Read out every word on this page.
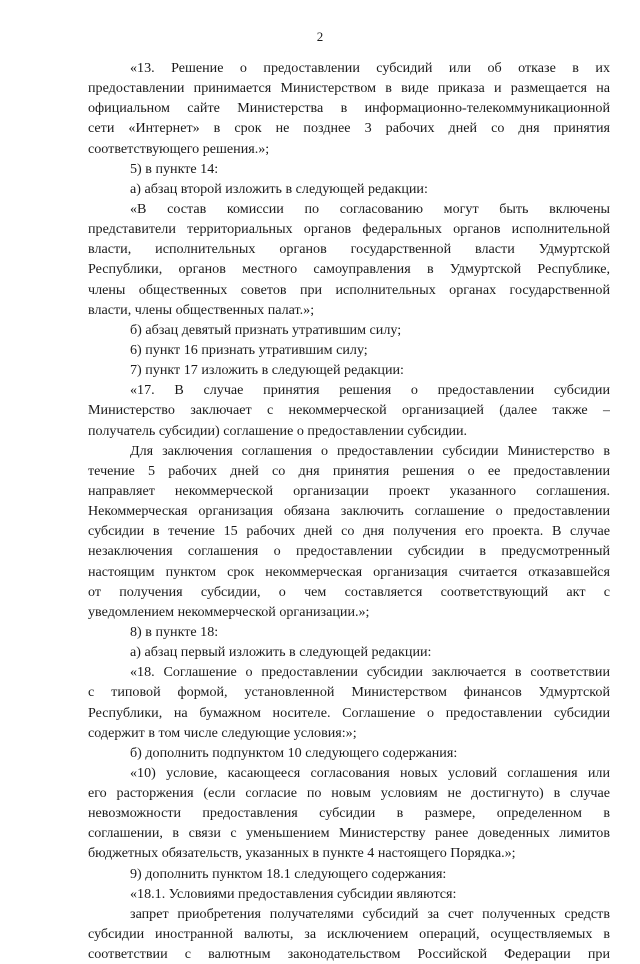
2
«13. Решение о предоставлении субсидий или об отказе в их
предоставлении принимается Министерством в виде приказа и размещается на
официальном сайте Министерства в информационно-телекоммуникационной
сети «Интернет» в срок не позднее 3 рабочих дней со дня принятия
соответствующего решения.»;
5) в пункте 14:
а) абзац второй изложить в следующей редакции:
«В состав комиссии по согласованию могут быть включены
представители территориальных органов федеральных органов исполнительной
власти, исполнительных органов государственной власти Удмуртской
Республики, органов местного самоуправления в Удмуртской Республике,
члены общественных советов при исполнительных органах государственной
власти, члены общественных палат.»;
б) абзац девятый признать утратившим силу;
6) пункт 16 признать утратившим силу;
7) пункт 17 изложить в следующей редакции:
«17. В случае принятия решения о предоставлении субсидии
Министерство заключает с некоммерческой организацией (далее также –
получатель субсидии) соглашение о предоставлении субсидии.
Для заключения соглашения о предоставлении субсидии Министерство в
течение 5 рабочих дней со дня принятия решения о ее предоставлении
направляет некоммерческой организации проект указанного соглашения.
Некоммерческая организация обязана заключить соглашение о предоставлении
субсидии в течение 15 рабочих дней со дня получения его проекта. В случае
незаключения соглашения о предоставлении субсидии в предусмотренный
настоящим пунктом срок некоммерческая организация считается отказавшейся
от получения субсидии, о чем составляется соответствующий акт с
уведомлением некоммерческой организации.»;
8) в пункте 18:
а) абзац первый изложить в следующей редакции:
«18. Соглашение о предоставлении субсидии заключается в соответствии
с типовой формой, установленной Министерством финансов Удмуртской
Республики, на бумажном носителе. Соглашение о предоставлении субсидии
содержит в том числе следующие условия:»;
б) дополнить подпунктом 10 следующего содержания:
«10) условие, касающееся согласования новых условий соглашения или
его расторжения (если согласие по новым условиям не достигнуто) в случае
невозможности предоставления субсидии в размере, определенном в
соглашении, в связи с уменьшением Министерству ранее доведенных лимитов
бюджетных обязательств, указанных в пункте 4 настоящего Порядка.»;
9) дополнить пунктом 18.1 следующего содержания:
«18.1. Условиями предоставления субсидии являются:
запрет приобретения получателями субсидий за счет полученных средств
субсидии иностранной валюты, за исключением операций, осуществляемых в
соответствии с валютным законодательством Российской Федерации при
